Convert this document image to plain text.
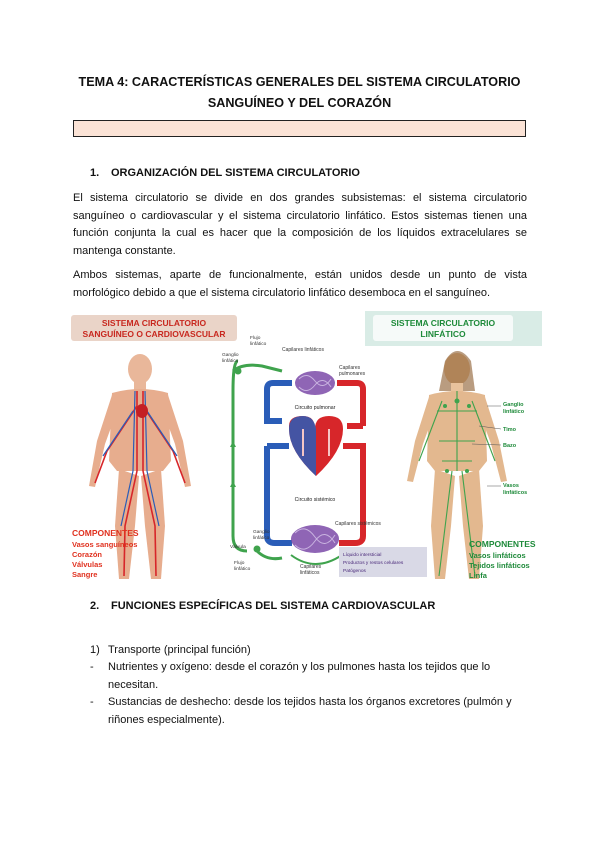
TEMA 4: CARACTERÍSTICAS GENERALES DEL SISTEMA CIRCULATORIO
SANGUÍNEO Y DEL CORAZÓN
1. ORGANIZACIÓN DEL SISTEMA CIRCULATORIO
El sistema circulatorio se divide en dos grandes subsistemas: el sistema circulatorio sanguíneo o cardiovascular y el sistema circulatorio linfático. Estos sistemas tienen una función conjunta la cual es hacer que la composición de los líquidos extracelulares se mantenga constante.
Ambos sistemas, aparte de funcionalmente, están unidos desde un punto de vista morfológico debido a que el sistema circulatorio linfático desemboca en el sanguíneo.
SISTEMA CIRCULATORIO
SANGUÍNEO O CARDIOVASCULAR
SISTEMA CIRCULATORIO
LINFÁTICO
COMPONENTES
Vasos sanguíneos
Corazón
Válvulas
Sangre
Flujo
linfático
Ganglio
linfático
Capilares linfáticos
Capilares
pulmonares
Circuito pulmonar
Circuito sistémico
Ganglio
linfático
Válvula
Capilares sistémicos
Flujo
linfático	Capilares
linfáticos
Líquido intersticial
Productos y restos celulares
Patógenos
Ganglio
linfático
Timo
Bazo
Vasos
linfáticos
COMPONENTES
Vasos linfáticos
Tejidos linfáticos
Linfa
2. FUNCIONES ESPECÍFICAS DEL SISTEMA CARDIOVASCULAR
1) Transporte (principal función)
-	Nutrientes y oxígeno: desde el corazón y los pulmones hasta los tejidos que lo necesitan.
-	Sustancias de deshecho: desde los tejidos hasta los órganos excretores (pulmón y riñones especialmente).
